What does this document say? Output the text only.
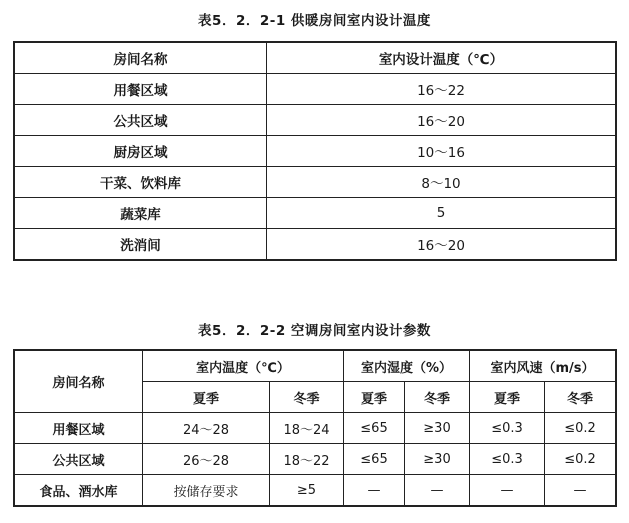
表5．2．2-1 供暖房间室内设计温度
房间名称	室内设计温度（℃）
用餐区域	16～22
公共区域	16～20
厨房区域	10～16
干菜、饮料库	8～10
蔬菜库	5
洗消间	16～20
表5．2．2-2 空调房间室内设计参数
房间名称	室内温度（℃）		室内湿度（%）		室内风速（m/s）	
	夏季	冬季	夏季	冬季	夏季	冬季
用餐区域	24～28	18～24	≤65	≥30	≤0.3	≤0.2
公共区域	26～28	18～22	≤65	≥30	≤0.3	≤0.2
食品、酒水库	按储存要求	≥5	—	—	—	—
